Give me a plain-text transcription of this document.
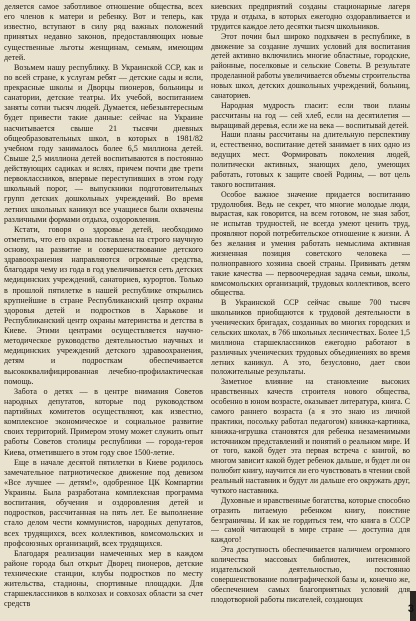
деляется самое заботливое отношение общества, всех его членов к матери и ребенку. Вот и теперь, как известно, вступают в силу ряд важных положений принятых недавно законов, предоставляющих новые существенные льготы женщинам, семьям, имеющим детей.

Возьмем нашу республику. В Украинской ССР, как и по всей стране, к услугам ребят — детские сады и ясли, прекрасные школы и Дворцы пионеров, больницы и санатории, детские театры. Их учебой, воспитанием заняты сотни тысяч людей. Думается, небезынтересным будет привести такие данные: сейчас на Украине насчитывается свыше 21 тысячи дневных общеобразовательных школ, в которых в 1981/82 учебном году занималось более 6,5 миллиона детей. Свыше 2,5 миллиона детей воспитываются в постоянно действующих садиках и яслях, причем почти две трети первоклассников, впервые переступивших в этом году школьный порог, — выпускники подготовительных групп детских дошкольных учреждений. Во время летних школьных каникул все учащиеся были охвачены различными формами отдыха, оздоровления.

Кстати, говоря о здоровье детей, необходимо отметить, что его охрана поставлена на строго научную основу, на развитие и совершенствование детского здравоохранения направляются огромные средства, благодаря чему из года в год увеличивается сеть детских медицинских учреждений, санаториев, курортов. Только в прошлой пятилетке в нашей республике открылись крупнейшие в стране Республиканский центр охраны здоровья детей и подростков в Харькове и Республиканский центр охраны материнства и детства в Киеве. Этими центрами осуществляется научно-методическое руководство деятельностью научных и медицинских учреждений детского здравоохранения, детям и подросткам обеспечивается высококвалифицированная лечебно-профилактическая помощь.

Забота о детях — в центре внимания Советов народных депутатов, которые под руководством партийных комитетов осуществляют, как известно, комплексное экономическое и социальное развитие своих территорий. Примером этому может служить опыт работы Советов столицы республики — города-героя Киева, отметившего в этом году свое 1500-летие.

Еще в начале десятой пятилетки в Киеве родилось замечательное патриотическое движение под девизом «Все лучшее — детям!», одобренное ЦК Компартии Украины. Была разработана комплексная программа воспитания, обучения и оздоровления детей и подростков, рассчитанная на пять лет. Ее выполнение стало делом чести коммунистов, народных депутатов, всех трудящихся, всех коллективов, комсомольских и профсоюзных организаций, всех трудящихся.

Благодаря реализации намеченных мер в каждом районе города был открыт Дворец пионеров, детские технические станции, клубы подростков по месту жительства, стадионы, спортивные площадки. Для старшеклассников в колхозах и совхозах области за счет средств

киевских предприятий созданы стационарные лагеря труда и отдыха, в которых ежегодно оздоравливается и трудится каждое лето десятки тысяч школьников.

Этот почин был широко подхвачен в республике, в движение за создание лучших условий для воспитания детей активно включились многие областные, городские, районные, поселковые и сельские Советы. В результате проделанной работы увеличивается объемы строительства новых школ, детских дошкольных учреждений, больниц, санаториев.

Народная мудрость гласит: если твои планы рассчитаны на год — сей хлеб, если на десятилетия — выращивай деревья, если же на века — воспитывай детей.

Наши планы рассчитаны на длительную перспективу и, естественно, воспитание детей занимает в них одно из ведущих мест. Формировать поколения людей, политически активных, знающих дело, умеющих работать, готовых к защите своей Родины, — вот цель такого воспитания.

Особое важное значение придается воспитанию трудолюбия. Ведь не секрет, что многие молодые люди, вырастая, как говорится, на всем готовом, не зная забот, не испытав трудностей, не всегда умеют ценить труд, проявляют порой потребительское отношение к жизни. А без желания и умения работать немыслима активная жизненная позиция советского человека — полноправного хозяина своей страны. Прививать детям такие качества — первоочередная задача семьи, школы, комсомольских организаций, трудовых коллективов, всего общества.

В Украинской ССР сейчас свыше 700 тысяч школьников приобщаются к трудовой деятельности в ученических бригадах, созданных во многих городских и сельских школах, в 766 школьных лесничествах. Более 1,5 миллиона старшеклассников ежегодно работают в различных ученических трудовых объединениях во время летних каникул. А это, безусловно, дает свои положительные результаты.

Заметное влияние на становление высоких нравственных качеств строителя нового общества, особенно в юном возрасте, оказывает литература, книга. С самого раннего возраста (а я это знаю из личной практики, посольку работал педагогом) книжка-картинка, книжка-игрушка становятся для ребенка незаменимыми источником представлений и понятий о реальном мире. И от того, какой будет эта первая встреча с книгой, во многом зависит какой будет ребенок дальше, и будет ли он полюбит книгу, научится ли его чувствовать в чтении свой реальный наставник и будут ли дальше его окружать друг, чуткого наставника.

Духовные и нравственные богатства, которые способно отразить питаемую ребенком книгу, поистине безграничны. И как не гордиться тем, что книга в СССР — самой читающей в мире стране — доступна для каждого!

Эта доступность обеспечивается наличием огромного количества массовых библиотек, интенсивной издательской деятельностью, постоянно совершенствование полиграфической базы и, конечно же, обеспечением самых благоприятных условий для плодотворной работы писателей, создающих

3
